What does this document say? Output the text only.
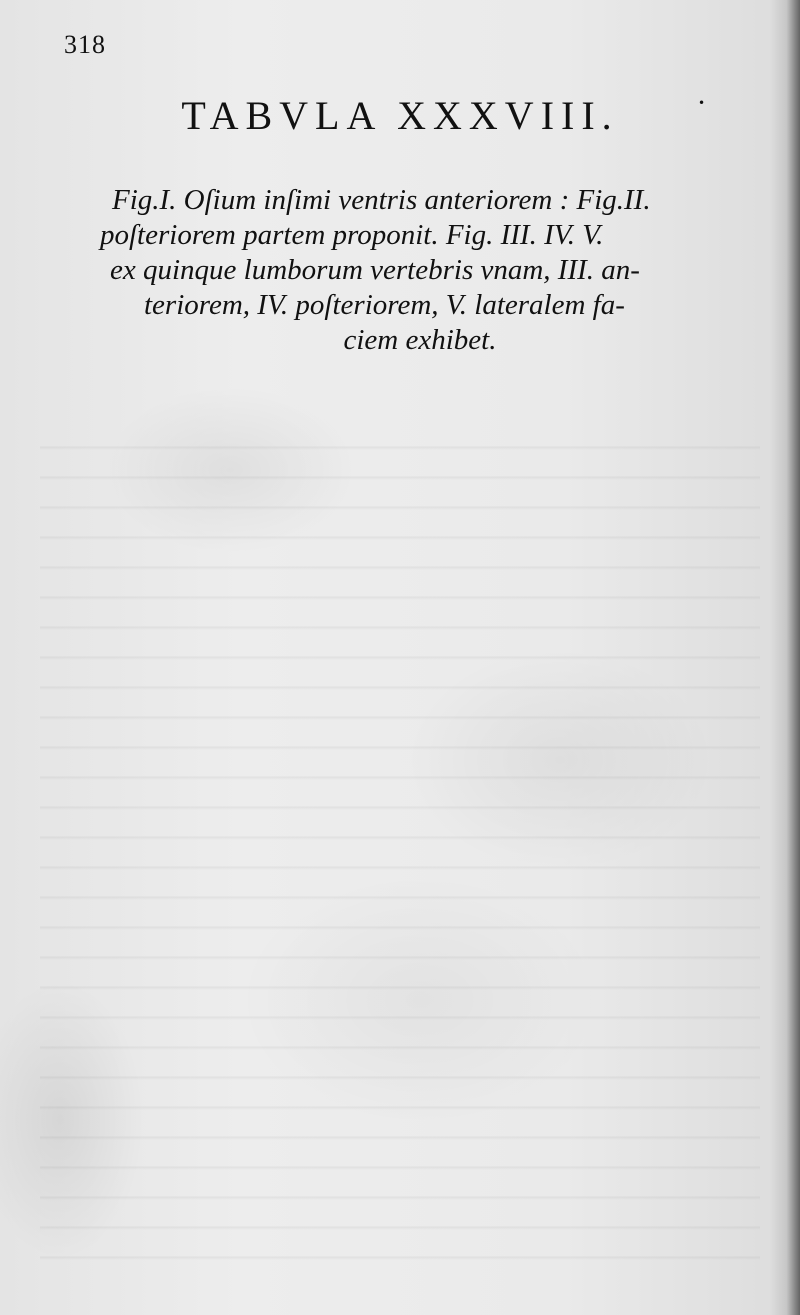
318
TABVLA XXXVIII.	•
Fig.I. Oſium inſimi ventris anteriorem : Fig.II.
poſteriorem partem proponit. Fig. III. IV. V.
ex quinque lumborum vertebris vnam, III. an-
teriorem, IV. poſteriorem, V. lateralem fa-
ciem exhibet.
